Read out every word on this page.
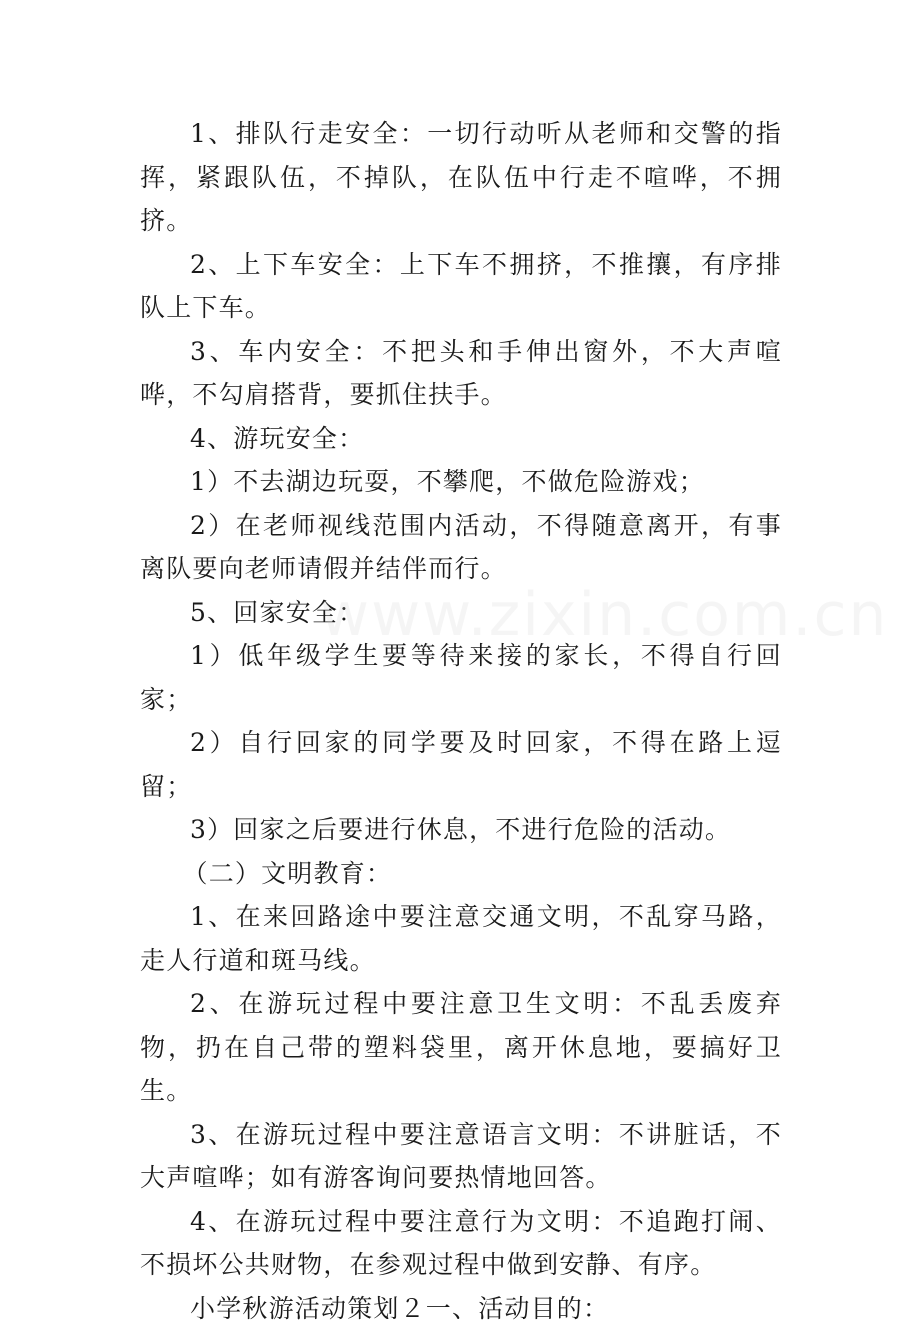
1、排队行走安全：一切行动听从老师和交警的指挥，紧跟队伍，不掉队，在队伍中行走不喧哗，不拥挤。

2、上下车安全：上下车不拥挤，不推攘，有序排队上下车。

3、车内安全：不把头和手伸出窗外，不大声喧哗，不勾肩搭背，要抓住扶手。

4、游玩安全：

1）不去湖边玩耍，不攀爬，不做危险游戏；

2）在老师视线范围内活动，不得随意离开，有事离队要向老师请假并结伴而行。

5、回家安全：

1）低年级学生要等待来接的家长，不得自行回家；

2）自行回家的同学要及时回家，不得在路上逗留；

3）回家之后要进行休息，不进行危险的活动。

（二）文明教育：

1、在来回路途中要注意交通文明，不乱穿马路，走人行道和斑马线。

2、在游玩过程中要注意卫生文明：不乱丢废弃物，扔在自己带的塑料袋里，离开休息地，要搞好卫生。

3、在游玩过程中要注意语言文明：不讲脏话，不大声喧哗；如有游客询问要热情地回答。

4、在游玩过程中要注意行为文明：不追跑打闹、不损坏公共财物，在参观过程中做到安静、有序。

小学秋游活动策划２一、活动目的：

www.zixin.com.cn
